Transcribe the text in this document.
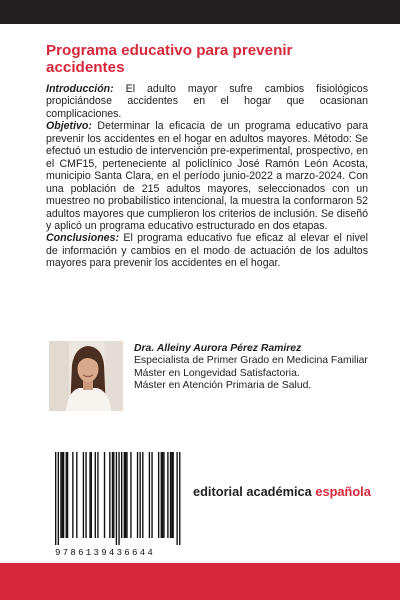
Programa educativo para prevenir accidentes

Introducción: El adulto mayor sufre cambios fisiológicos propiciándose accidentes en el hogar que ocasionan complicaciones.

Objetivo: Determinar la eficacia de un programa educativo para prevenir los accidentes en el hogar en adultos mayores. Método: Se efectuó un estudio de intervención pre-experimental, prospectivo, en el CMF15, perteneciente al policlínico José Ramón León Acosta, municipio Santa Clara, en el período junio-2022 a marzo-2024. Con una población de 215 adultos mayores, seleccionados con un muestreo no probabilístico intencional, la muestra la conformaron 52 adultos mayores que cumplieron los criterios de inclusión. Se diseñó y aplicó un programa educativo estructurado en dos etapas.

Conclusiones: El programa educativo fue eficaz al elevar el nivel de información y cambios en el modo de actuación de los adultos mayores para prevenir los accidentes en el hogar.

Dra. Alleiny Aurora Pérez Ramirez
Especialista de Primer Grado en Medicina Familiar
Máster en Longevidad Satisfactoria.
Máster en Atención Primaria de Salud.
9786139436644
editorial académica española
